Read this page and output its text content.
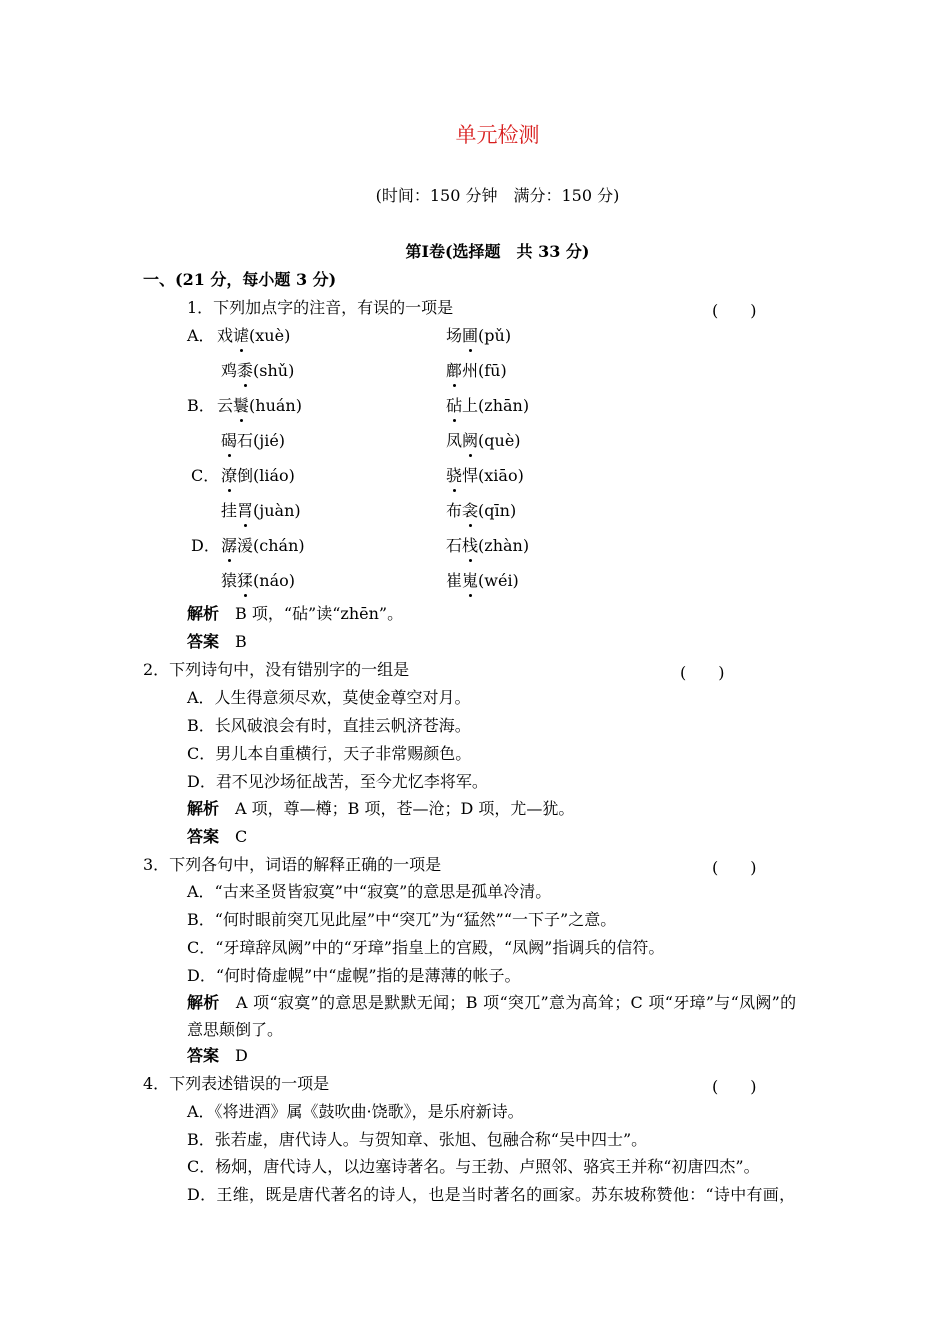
单元检测
(时间：150 分钟　满分：150 分)
第Ⅰ卷(选择题　共 33 分)
一、(21 分，每小题 3 分)
1．下列加点字的注音，有误的一项是	(　　)
A． 戏谑(xuè)	场圃(pǔ)
鸡黍(shǔ)	鄜州(fū)
B． 云鬟(huán)	砧上(zhān)
碣石(jié)	凤阙(què)
C． 潦倒(liáo)	骁悍(xiāo)
挂罥(juàn)	布衾(qīn)
D． 潺湲(chán)	石栈(zhàn)
猿猱(náo)	崔嵬(wéi)
解析　B 项，“砧”读“zhēn”。
答案　B
2．下列诗句中，没有错别字的一组是	(　　)
A．人生得意须尽欢，莫使金尊空对月。
B．长风破浪会有时，直挂云帆济苍海。
C．男儿本自重横行，天子非常赐颜色。
D．君不见沙场征战苦，至今尤忆李将军。
解析　A 项，尊—樽；B 项，苍—沧；D 项，尤—犹。
答案　C
3．下列各句中，词语的解释正确的一项是	(　　)
A．“古来圣贤皆寂寞”中“寂寞”的意思是孤单冷清。
B．“何时眼前突兀见此屋”中“突兀”为“猛然”“一下子”之意。
C．“牙璋辞凤阙”中的“牙璋”指皇上的宫殿，“凤阙”指调兵的信符。
D．“何时倚虚幌”中“虚幌”指的是薄薄的帐子。
解析　A 项“寂寞”的意思是默默无闻；B 项“突兀”意为高耸；C 项“牙璋”与“凤阙”的
意思颠倒了。
答案　D
4．下列表述错误的一项是	(　　)
A．《将进酒》属《鼓吹曲·饶歌》，是乐府新诗。
B．张若虚，唐代诗人。与贺知章、张旭、包融合称“吴中四士”。
C．杨炯，唐代诗人，以边塞诗著名。与王勃、卢照邻、骆宾王并称“初唐四杰”。
D．王维，既是唐代著名的诗人，也是当时著名的画家。苏东坡称赞他：“诗中有画，
